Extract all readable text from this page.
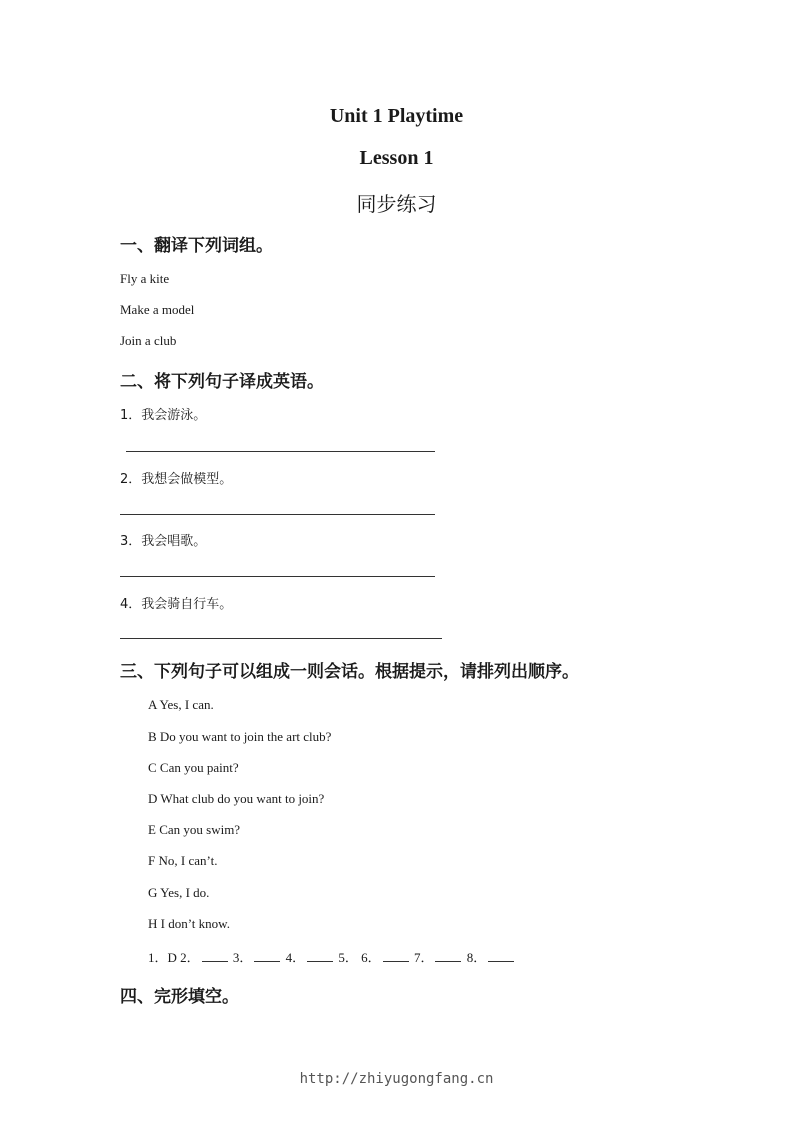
Unit 1 Playtime
Lesson 1
同步练习
一、翻译下列词组。
Fly a kite
Make a model
Join a club
二、将下列句子译成英语。
1．我会游泳。
2．我想会做模型。
3．我会唱歌。
4．我会骑自行车。
三、下列句子可以组成一则会话。根据提示，请排列出顺序。
A Yes, I can.
B Do you want to join the art club?
C Can you paint?
D What club do you want to join?
E Can you swim?
F No, I can’t.
G Yes, I do.
H I don’t know.
1．D 2．	3．	4．	5． 6．	7．	8．
四、完形填空。
http://zhiyugongfang.cn
